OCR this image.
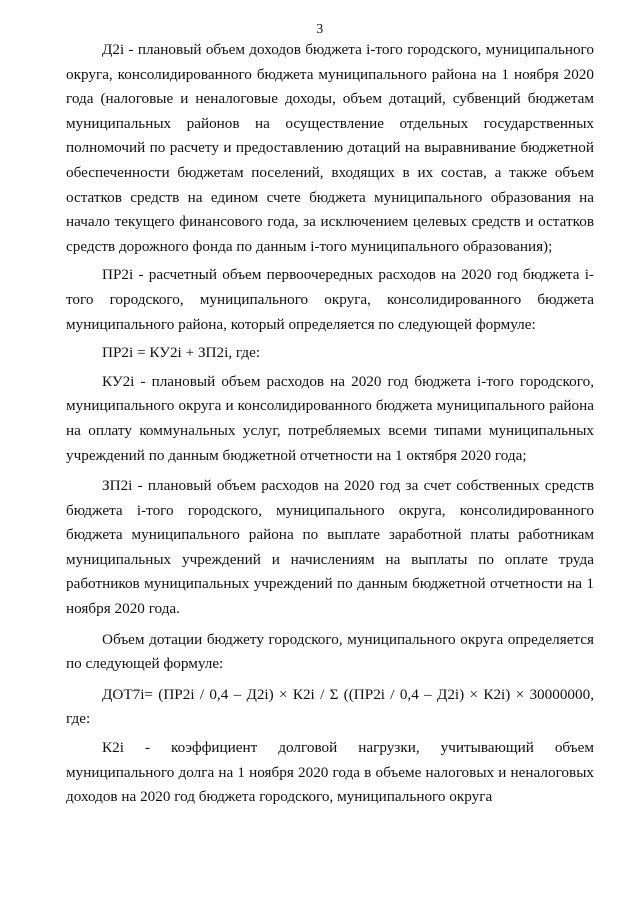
3

Д2i - плановый объем доходов бюджета i-того городского, муниципального округа, консолидированного бюджета муниципального района на 1 ноября 2020 года (налоговые и неналоговые доходы, объем дотаций, субвенций бюджетам муниципальных районов на осуществление отдельных государственных полномочий по расчету и предоставлению дотаций на выравнивание бюджетной обеспеченности бюджетам поселений, входящих в их состав, а также объем остатков средств на едином счете бюджета муниципального образования на начало текущего финансового года, за исключением целевых средств и остатков средств дорожного фонда по данным i-того муниципального образования);

ПР2i - расчетный объем первоочередных расходов на 2020 год бюджета i-того городского, муниципального округа, консолидированного бюджета муниципального района, который определяется по следующей формуле:

ПР2i = КУ2i + ЗП2i, где:

КУ2i - плановый объем расходов на 2020 год бюджета i-того городского, муниципального округа и консолидированного бюджета муниципального района на оплату коммунальных услуг, потребляемых всеми типами муниципальных учреждений по данным бюджетной отчетности на 1 октября 2020 года;

ЗП2i - плановый объем расходов на 2020 год за счет собственных средств бюджета i-того городского, муниципального округа, консолидированного бюджета муниципального района по выплате заработной платы работникам муниципальных учреждений и начислениям на выплаты по оплате труда работников муниципальных учреждений по данным бюджетной отчетности на 1 ноября 2020 года.

Объем дотации бюджету городского, муниципального округа определяется по следующей формуле:

ДОТ7i= (ПР2i / 0,4 – Д2i) × К2i / Σ ((ПР2i / 0,4 – Д2i) × К2i) × 30000000, где:

К2i - коэффициент долговой нагрузки, учитывающий объем муниципального долга на 1 ноября 2020 года в объеме налоговых и неналоговых доходов на 2020 год бюджета городского, муниципального округа
